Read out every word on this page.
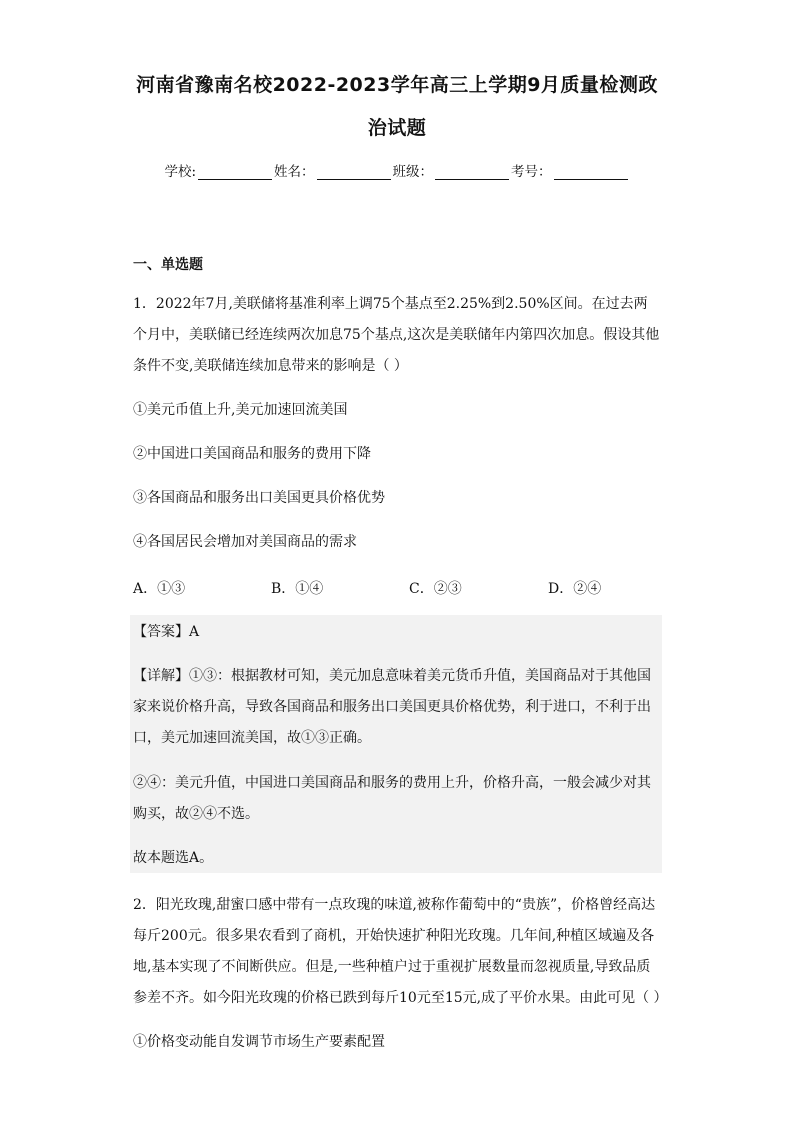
河南省豫南名校2022-2023学年高三上学期9月质量检测政
治试题
学校:	姓名：	班级：	考号：
一、单选题
1．2022年7月,美联储将基准利率上调75个基点至2.25%到2.50%区间。在过去两个月中，美联储已经连续两次加息75个基点,这次是美联储年内第四次加息。假设其他条件不变,美联储连续加息带来的影响是（ ）
①美元币值上升,美元加速回流美国
②中国进口美国商品和服务的费用下降
③各国商品和服务出口美国更具价格优势
④各国居民会增加对美国商品的需求
A．①③	B．①④	C．②③	D．②④
【答案】A
【详解】①③：根据教材可知，美元加息意味着美元货币升值，美国商品对于其他国家来说价格升高，导致各国商品和服务出口美国更具价格优势，利于进口，不利于出口，美元加速回流美国，故①③正确。
②④：美元升值，中国进口美国商品和服务的费用上升，价格升高，一般会减少对其购买，故②④不选。
故本题选A。
2．阳光玫瑰,甜蜜口感中带有一点玫瑰的味道,被称作葡萄中的“贵族”，价格曾经高达每斤200元。很多果农看到了商机，开始快速扩种阳光玫瑰。几年间,种植区域遍及各地,基本实现了不间断供应。但是,一些种植户过于重视扩展数量而忽视质量,导致品质参差不齐。如今阳光玫瑰的价格已跌到每斤10元至15元,成了平价水果。由此可见（ ）
①价格变动能自发调节市场生产要素配置
